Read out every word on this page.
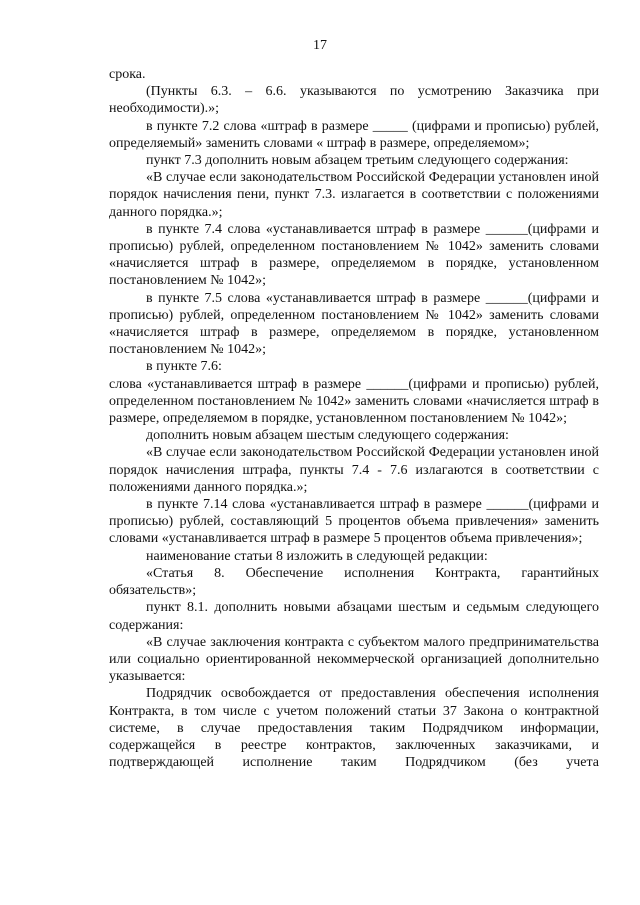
17

срока.

(Пункты 6.3. – 6.6. указываются по усмотрению Заказчика при необходимости).»;

в пункте 7.2 слова «штраф в размере _____ (цифрами и прописью) рублей, определяемый» заменить словами « штраф в размере, определяемом»;

пункт 7.3 дополнить новым абзацем третьим следующего содержания:

«В случае если законодательством Российской Федерации установлен иной порядок начисления пени, пункт 7.3. излагается в соответствии с положениями данного порядка.»;

в пункте 7.4 слова «устанавливается штраф в размере ______(цифрами и прописью) рублей, определенном постановлением № 1042» заменить словами «начисляется штраф в размере, определяемом в порядке, установленном постановлением № 1042»;

в пункте 7.5 слова «устанавливается штраф в размере ______(цифрами и прописью) рублей, определенном постановлением № 1042» заменить словами «начисляется штраф в размере, определяемом в порядке, установленном постановлением № 1042»;

в пункте 7.6:

слова «устанавливается штраф в размере ______(цифрами и прописью) рублей, определенном постановлением № 1042» заменить словами «начисляется штраф в размере, определяемом в порядке, установленном постановлением № 1042»;

дополнить новым абзацем шестым следующего содержания:

«В случае если законодательством Российской Федерации установлен иной порядок начисления штрафа, пункты 7.4 - 7.6 излагаются в соответствии с положениями данного порядка.»;

в пункте 7.14 слова «устанавливается штраф в размере ______(цифрами и прописью) рублей, составляющий 5 процентов объема привлечения» заменить словами «устанавливается штраф в размере 5 процентов объема привлечения»;

наименование статьи 8 изложить в следующей редакции:

«Статья 8. Обеспечение исполнения Контракта, гарантийных обязательств»;

пункт 8.1. дополнить новыми абзацами шестым и седьмым следующего содержания:

«В случае заключения контракта с субъектом малого предпринимательства или социально ориентированной некоммерческой организацией дополнительно указывается:

Подрядчик освобождается от предоставления обеспечения исполнения Контракта, в том числе с учетом положений статьи 37 Закона о контрактной системе, в случае предоставления таким Подрядчиком информации, содержащейся в реестре контрактов, заключенных заказчиками, и подтверждающей исполнение таким Подрядчиком (без учета
